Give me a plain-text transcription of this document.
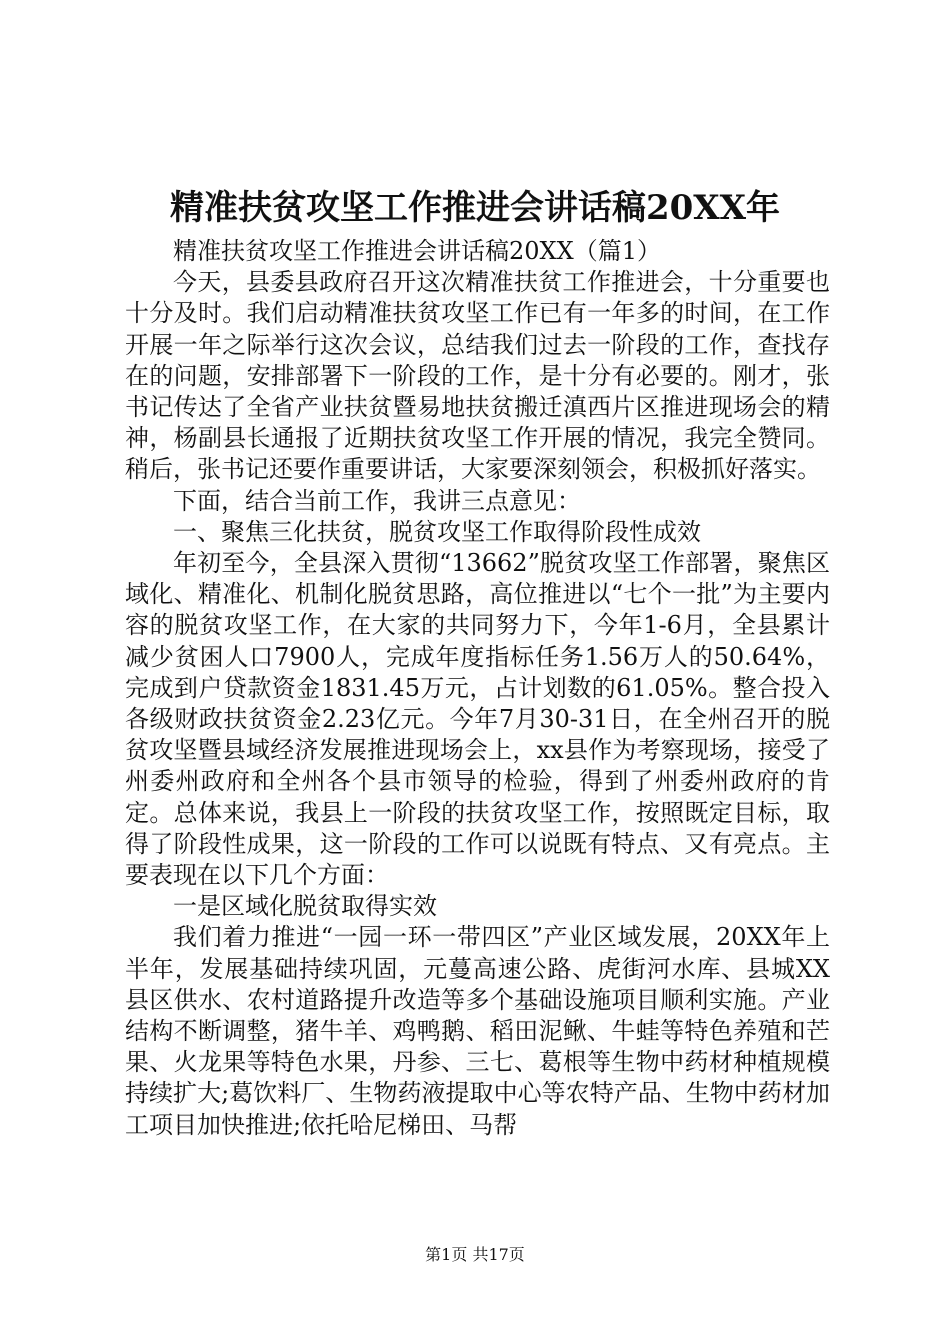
精准扶贫攻坚工作推进会讲话稿20XX年

精准扶贫攻坚工作推进会讲话稿20XX（篇1）

今天，县委县政府召开这次精准扶贫工作推进会，十分重要也十分及时。我们启动精准扶贫攻坚工作已有一年多的时间，在工作开展一年之际举行这次会议，总结我们过去一阶段的工作，查找存在的问题，安排部署下一阶段的工作，是十分有必要的。刚才，张书记传达了全省产业扶贫暨易地扶贫搬迁滇西片区推进现场会的精神，杨副县长通报了近期扶贫攻坚工作开展的情况，我完全赞同。稍后，张书记还要作重要讲话，大家要深刻领会，积极抓好落实。

下面，结合当前工作，我讲三点意见：

一、聚焦三化扶贫，脱贫攻坚工作取得阶段性成效

年初至今，全县深入贯彻“13662”脱贫攻坚工作部署，聚焦区域化、精准化、机制化脱贫思路，高位推进以“七个一批”为主要内容的脱贫攻坚工作，在大家的共同努力下，今年1-6月，全县累计减少贫困人口7900人，完成年度指标任务1.56万人的50.64%，完成到户贷款资金1831.45万元，占计划数的61.05%。整合投入各级财政扶贫资金2.23亿元。今年7月30-31日，在全州召开的脱贫攻坚暨县域经济发展推进现场会上，xx县作为考察现场，接受了州委州政府和全州各个县市领导的检验，得到了州委州政府的肯定。总体来说，我县上一阶段的扶贫攻坚工作，按照既定目标，取得了阶段性成果，这一阶段的工作可以说既有特点、又有亮点。主要表现在以下几个方面：

一是区域化脱贫取得实效

我们着力推进“一园一环一带四区”产业区域发展，20XX年上半年，发展基础持续巩固，元蔓高速公路、虎街河水库、县城XX县区供水、农村道路提升改造等多个基础设施项目顺利实施。产业结构不断调整，猪牛羊、鸡鸭鹅、稻田泥鳅、牛蛙等特色养殖和芒果、火龙果等特色水果，丹参、三七、葛根等生物中药材种植规模持续扩大;葛饮料厂、生物药液提取中心等农特产品、生物中药材加工项目加快推进;依托哈尼梯田、马帮

第1页 共17页
